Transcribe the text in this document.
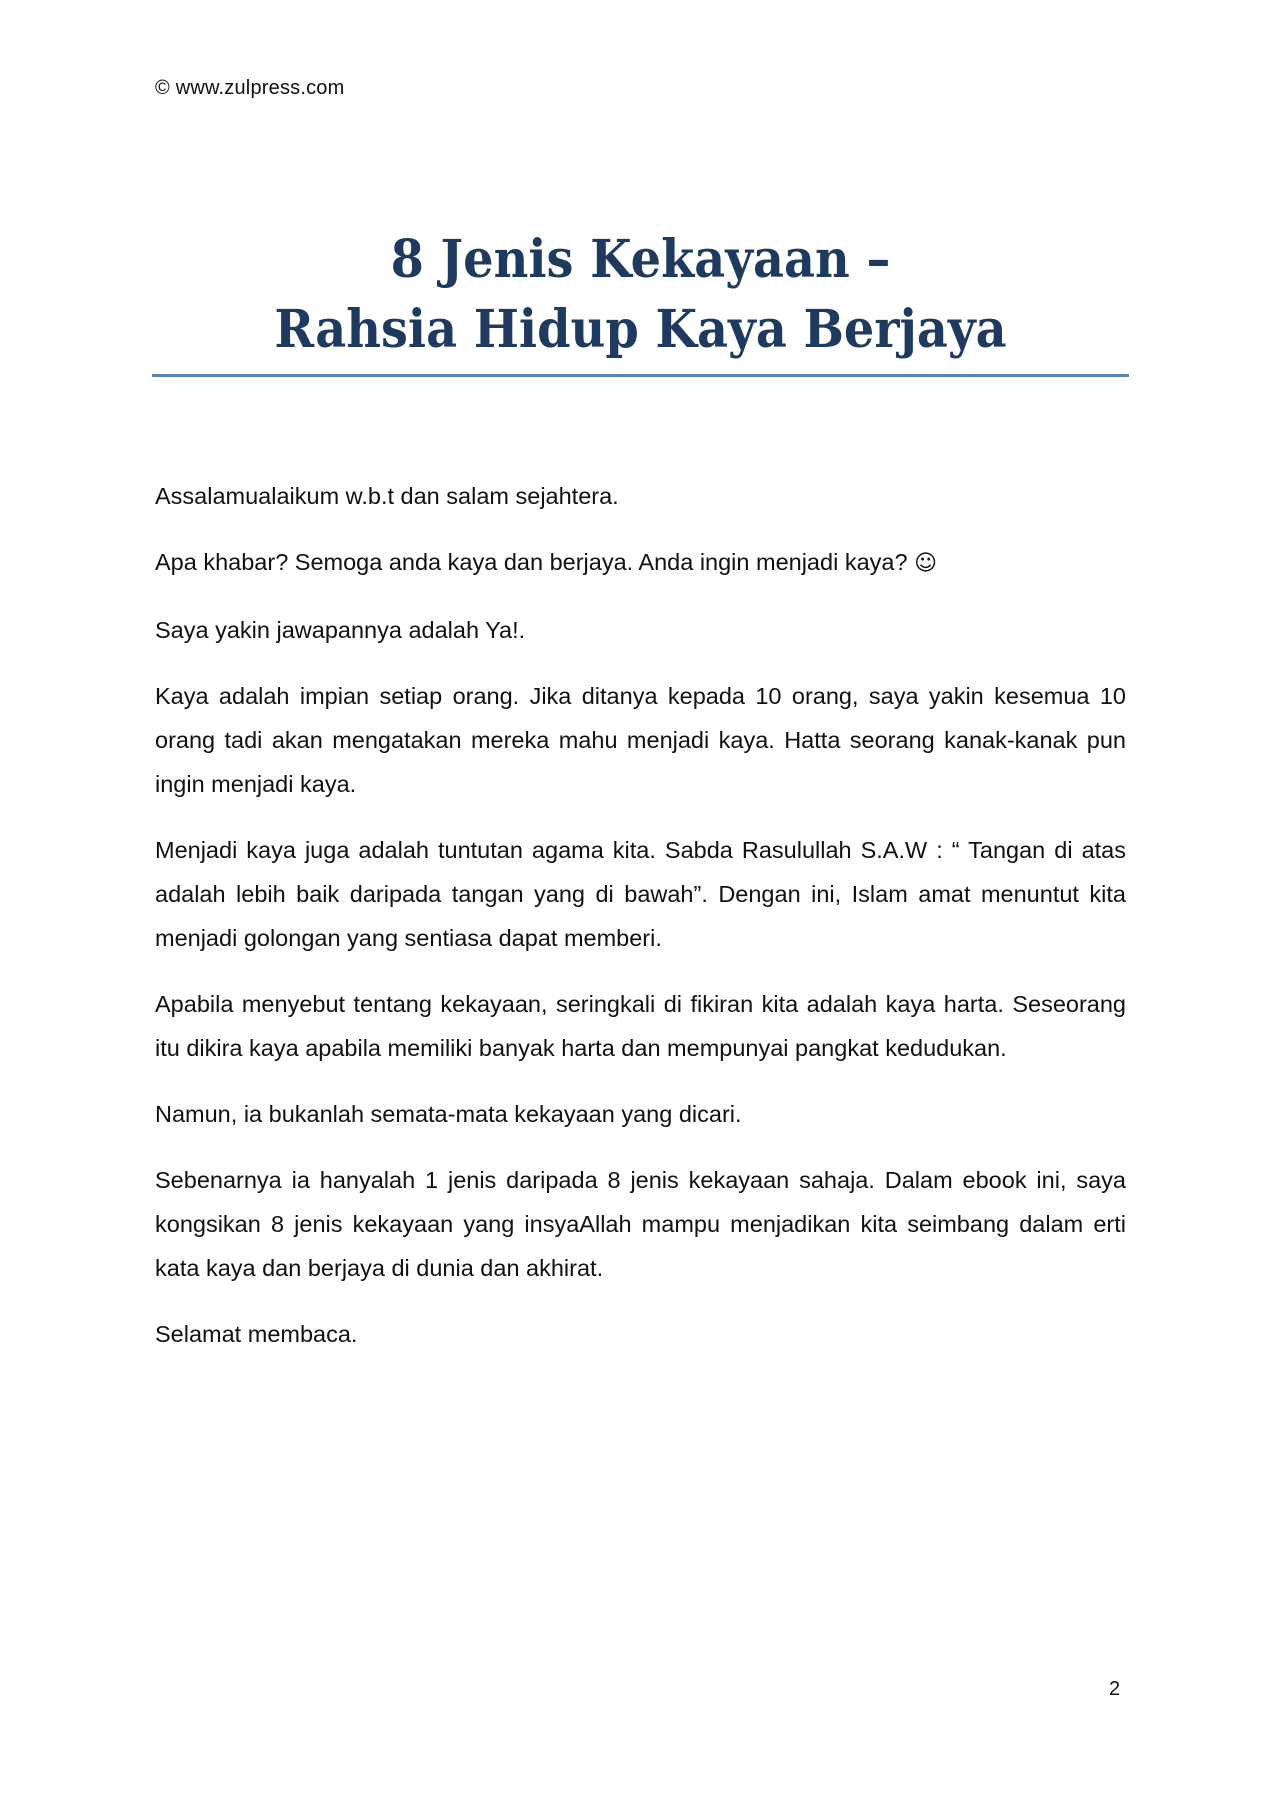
© www.zulpress.com
8 Jenis Kekayaan –
Rahsia Hidup Kaya Berjaya

Assalamualaikum w.b.t dan salam sejahtera.

Apa khabar? Semoga anda kaya dan berjaya. Anda ingin menjadi kaya? ☺

Saya yakin jawapannya adalah Ya!.

Kaya adalah impian setiap orang. Jika ditanya kepada 10 orang, saya yakin kesemua 10 orang tadi akan mengatakan mereka mahu menjadi kaya. Hatta seorang kanak-kanak pun ingin menjadi kaya.

Menjadi kaya juga adalah tuntutan agama kita. Sabda Rasulullah S.A.W : “ Tangan di atas adalah lebih baik daripada tangan yang di bawah”. Dengan ini, Islam amat menuntut kita menjadi golongan yang sentiasa dapat memberi.

Apabila menyebut tentang kekayaan, seringkali di fikiran kita adalah kaya harta. Seseorang itu dikira kaya apabila memiliki banyak harta dan mempunyai pangkat kedudukan.

Namun, ia bukanlah semata-mata kekayaan yang dicari.

Sebenarnya ia hanyalah 1 jenis daripada 8 jenis kekayaan sahaja. Dalam ebook ini, saya kongsikan 8 jenis kekayaan yang insyaAllah mampu menjadikan kita seimbang dalam erti kata kaya dan berjaya di dunia dan akhirat.

Selamat membaca.

2
